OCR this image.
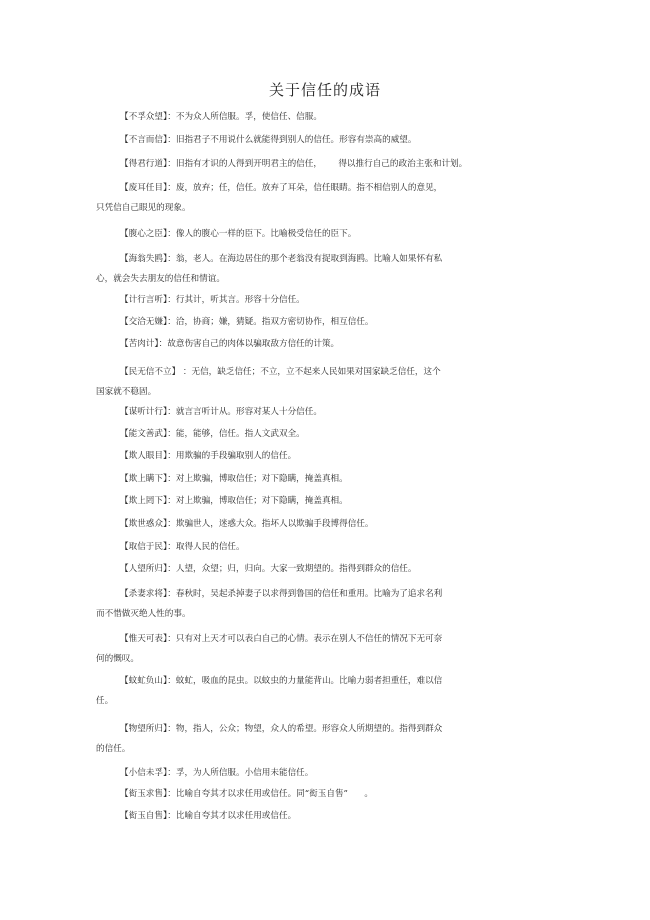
关于信任的成语
【不孚众望】：不为众人所信服。孚，使信任、信服。
【不言而信】：旧指君子不用说什么就能得到别人的信任。形容有崇高的威望。
【得君行道】：旧指有才识的人得到开明君主的信任，      得以推行自己的政治主张和计划。
【废耳任目】：废，放弃；任，信任。放弃了耳朵，信任眼睛。指不相信别人的意见，
只凭信自己眼见的现象。
【腹心之臣】：像人的腹心一样的臣下。比喻极受信任的臣下。
【海翁失鸥】：翁，老人。在海边居住的那个老翁没有捉取到海鸥。比喻人如果怀有私
心，就会失去朋友的信任和情谊。
【计行言听】：行其计，听其言。形容十分信任。
【交洽无嫌】：洽，协商；嫌，猜疑。指双方密切协作，相互信任。
【苦肉计】：故意伤害自己的肉体以骗取敌方信任的计策。
【民无信不立】 ：无信，缺乏信任；不立，立不起来人民如果对国家缺乏信任，这个
国家就不稳固。
【谋听计行】：就言言听计从。形容对某人十分信任。
【能文善武】：能，能够，信任。指人文武双全。
【欺人眼目】：用欺骗的手段骗取别人的信任。
【欺上瞒下】：对上欺骗，博取信任；对下隐瞒，掩盖真相。
【欺上罔下】：对上欺骗，博取信任；对下隐瞒，掩盖真相。
【欺世惑众】：欺骗世人，迷惑大众。指坏人以欺骗手段博得信任。
【取信于民】：取得人民的信任。
【人望所归】：人望，众望；归，归向。大家一致期望的。指得到群众的信任。
【杀妻求将】：春秋时，吴起杀掉妻子以求得到鲁国的信任和重用。比喻为了追求名利
而不惜做灭绝人性的事。
【惟天可表】：只有对上天才可以表白自己的心情。表示在别人不信任的情况下无可奈
何的慨叹。
【蚊虻负山】：蚊虻，吸血的昆虫。以蚊虫的力量能背山。比喻力弱者担重任，难以信
任。
【物望所归】：物，指人，公众；物望，众人的希望。形容众人所期望的。指得到群众
的信任。
【小信未孚】：孚，为人所信服。小信用未能信任。
【衒玉求售】：比喻自夸其才以求任用或信任。同“衒玉自售”      。
【衒玉自售】：比喻自夸其才以求任用或信任。
